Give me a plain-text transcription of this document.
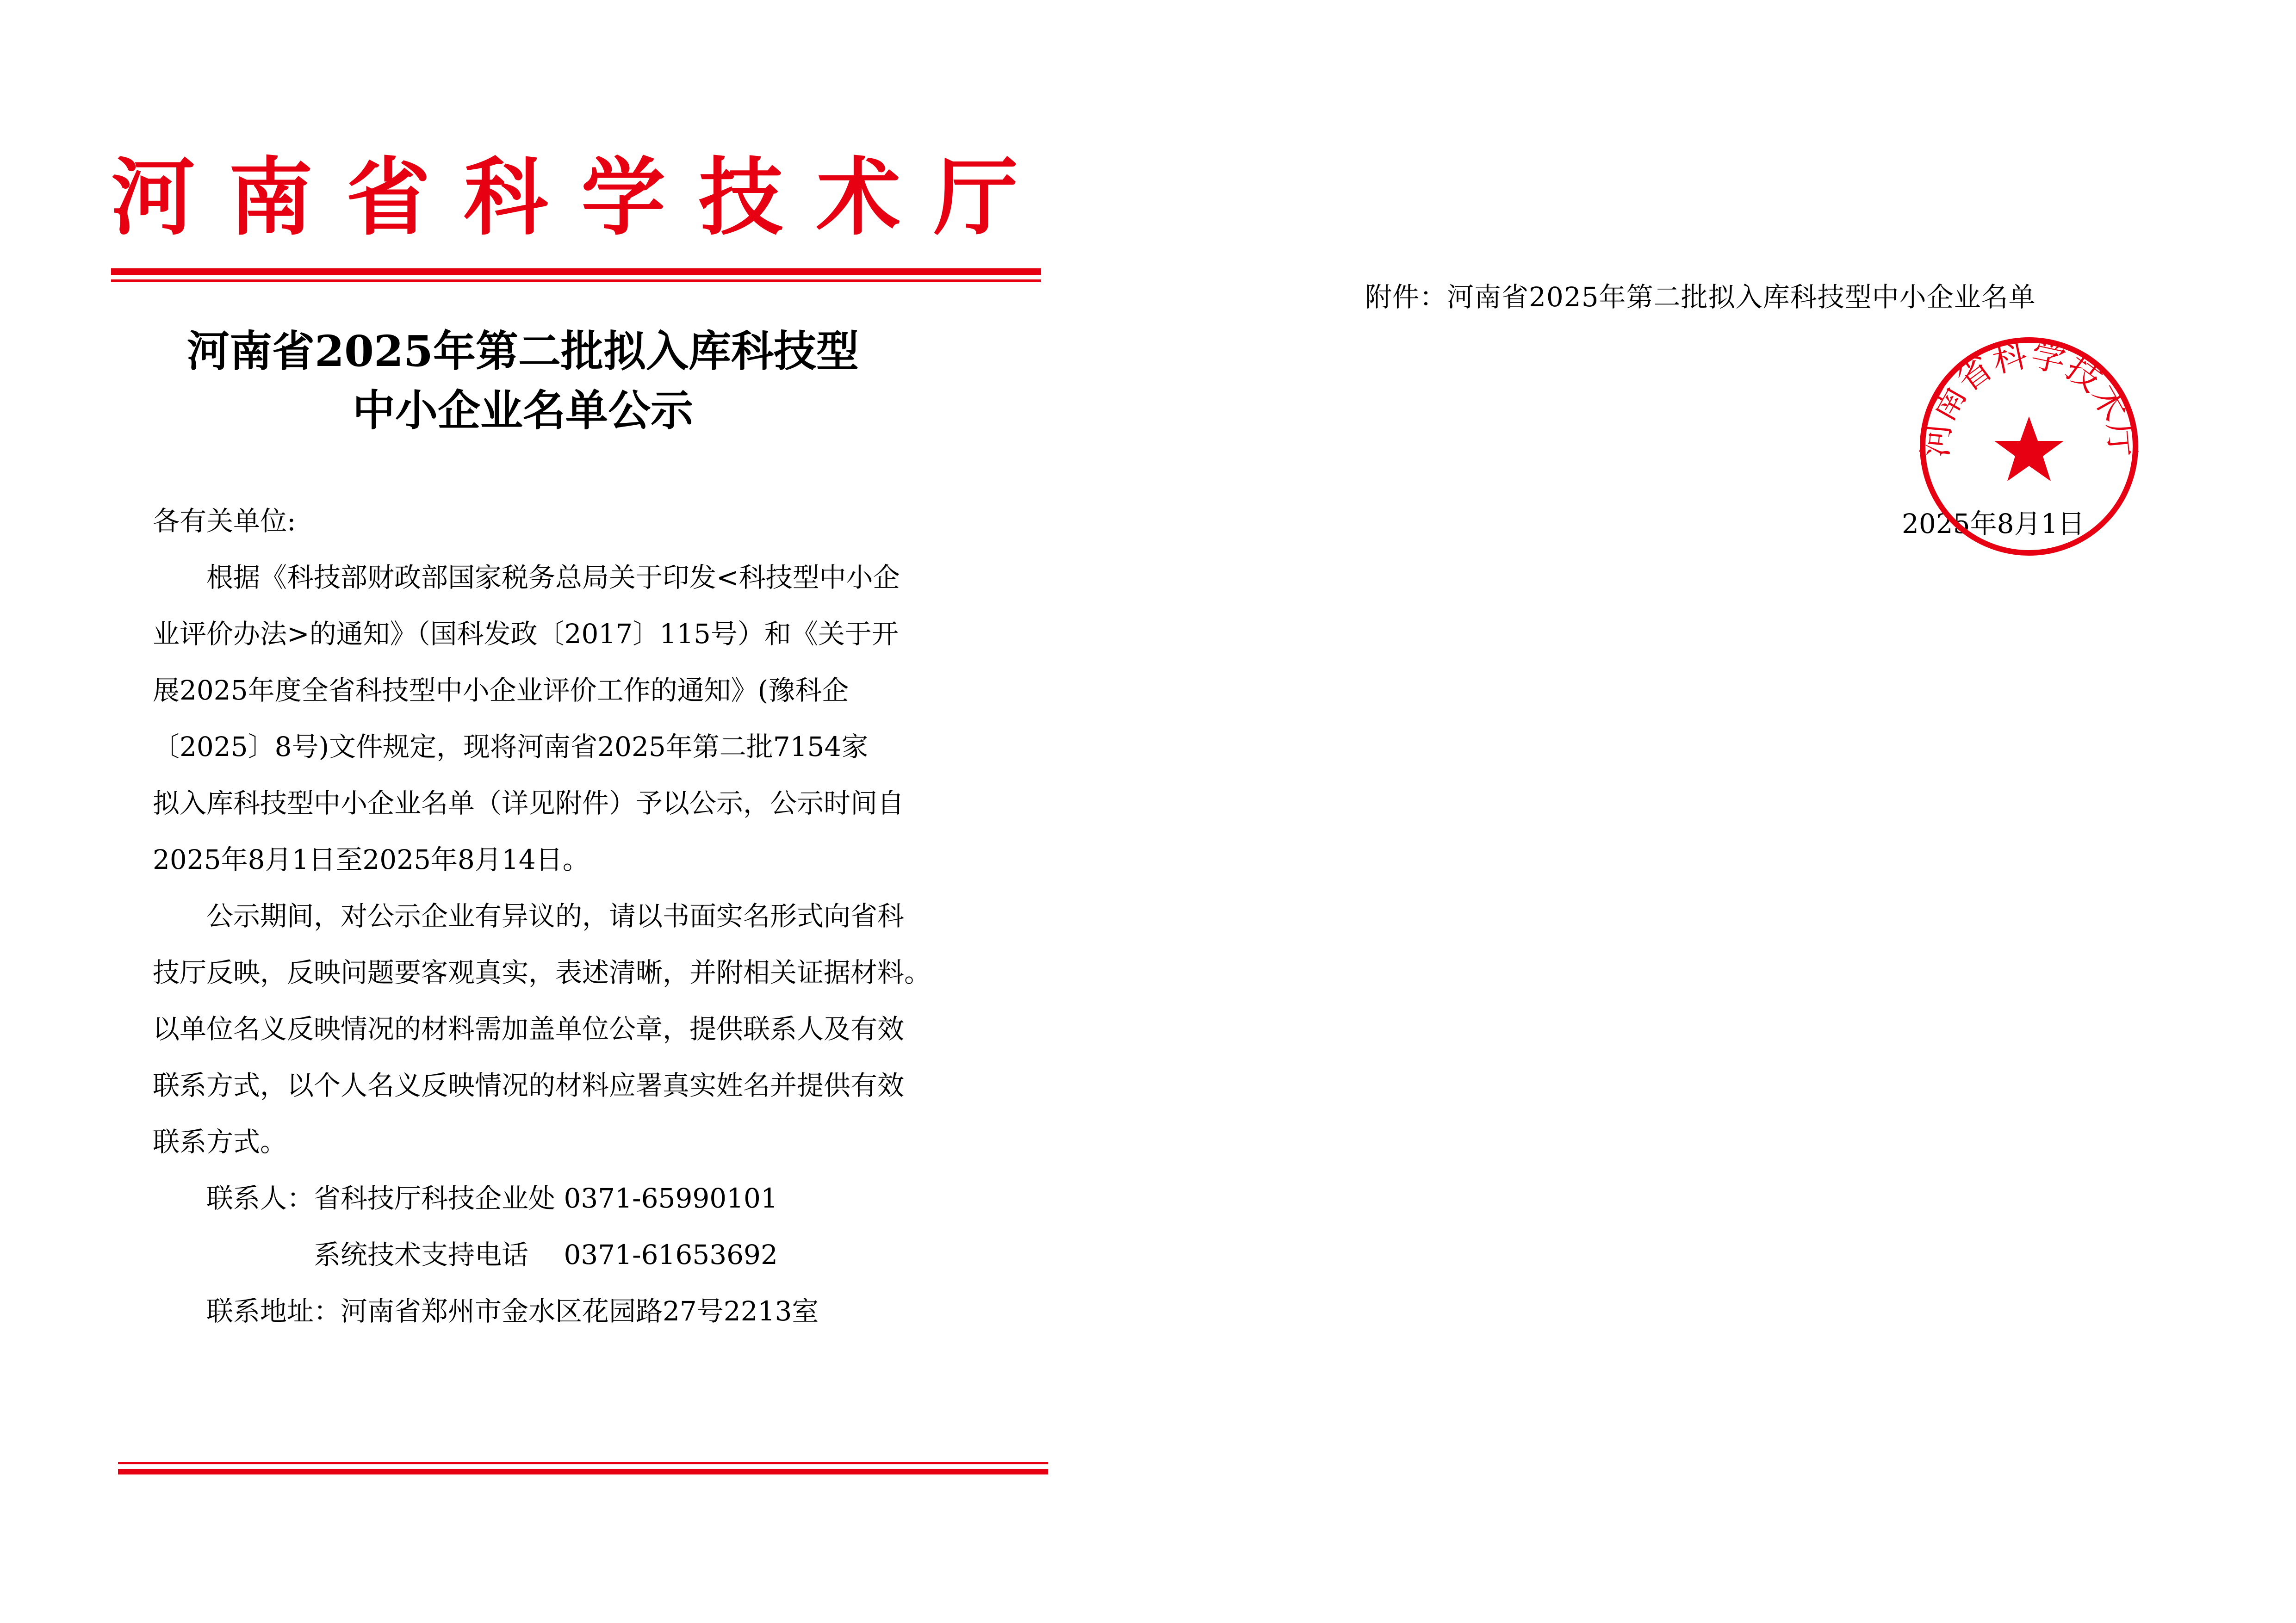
河南省科学技术厅
河南省2025年第二批拟入库科技型
中小企业名单公示
各有关单位:
　　根据《科技部财政部国家税务总局关于印发<科技型中小企
业评价办法>的通知》（国科发政〔2017〕115号）和《关于开
展2025年度全省科技型中小企业评价工作的通知》(豫科企
〔2025〕8号)文件规定，现将河南省2025年第二批7154家
拟入库科技型中小企业名单（详见附件）予以公示，公示时间自
2025年8月1日至2025年8月14日。
　　公示期间，对公示企业有异议的，请以书面实名形式向省科
技厅反映，反映问题要客观真实，表述清晰，并附相关证据材料。
以单位名义反映情况的材料需加盖单位公章，提供联系人及有效
联系方式，以个人名义反映情况的材料应署真实姓名并提供有效
联系方式。
　　联系人：省科技厅科技企业处 0371-65990101
　　　　　　系统技术支持电话　 0371-61653692
　　联系地址：河南省郑州市金水区花园路27号2213室
附件：河南省2025年第二批拟入库科技型中小企业名单
2025年8月1日
河南省科学技术厅
